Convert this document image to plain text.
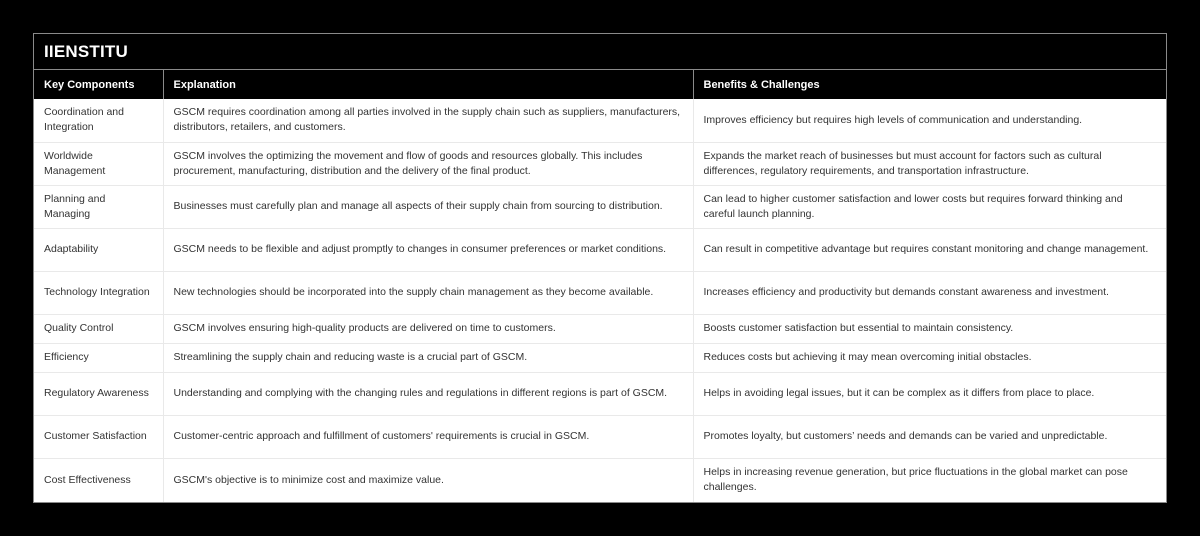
IIENSTITU
Key Components	Explanation	Benefits & Challenges
Coordination and Integration	GSCM requires coordination among all parties involved in the supply chain such as suppliers, manufacturers, distributors, retailers, and customers.	Improves efficiency but requires high levels of communication and understanding.
Worldwide Management	GSCM involves the optimizing the movement and flow of goods and resources globally. This includes procurement, manufacturing, distribution and the delivery of the final product.	Expands the market reach of businesses but must account for factors such as cultural differences, regulatory requirements, and transportation infrastructure.
Planning and Managing	Businesses must carefully plan and manage all aspects of their supply chain from sourcing to distribution.	Can lead to higher customer satisfaction and lower costs but requires forward thinking and careful launch planning.
Adaptability	GSCM needs to be flexible and adjust promptly to changes in consumer preferences or market conditions.	Can result in competitive advantage but requires constant monitoring and change management.
Technology Integration	New technologies should be incorporated into the supply chain management as they become available.	Increases efficiency and productivity but demands constant awareness and investment.
Quality Control	GSCM involves ensuring high-quality products are delivered on time to customers.	Boosts customer satisfaction but essential to maintain consistency.
Efficiency	Streamlining the supply chain and reducing waste is a crucial part of GSCM.	Reduces costs but achieving it may mean overcoming initial obstacles.
Regulatory Awareness	Understanding and complying with the changing rules and regulations in different regions is part of GSCM.	Helps in avoiding legal issues, but it can be complex as it differs from place to place.
Customer Satisfaction	Customer-centric approach and fulfillment of customers' requirements is crucial in GSCM.	Promotes loyalty, but customers’ needs and demands can be varied and unpredictable.
Cost Effectiveness	GSCM's objective is to minimize cost and maximize value.	Helps in increasing revenue generation, but price fluctuations in the global market can pose challenges.
